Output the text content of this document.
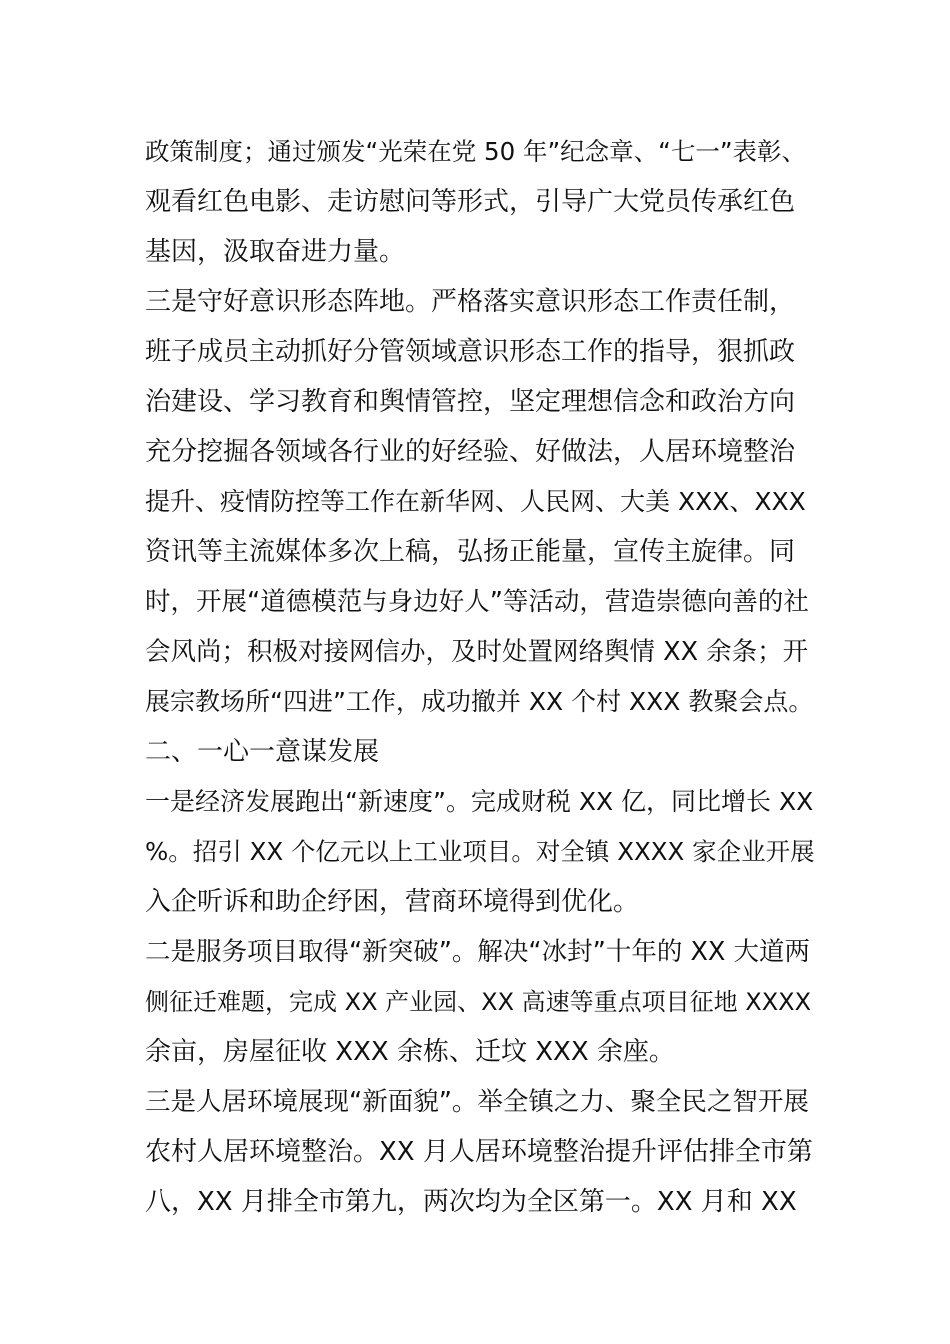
政策制度；通过颁发“光荣在党 50 年”纪念章、“七一”表彰、
观看红色电影、走访慰问等形式，引导广大党员传承红色
基因，汲取奋进力量。
三是守好意识形态阵地。严格落实意识形态工作责任制，
班子成员主动抓好分管领域意识形态工作的指导，狠抓政
治建设、学习教育和舆情管控，坚定理想信念和政治方向
充分挖掘各领域各行业的好经验、好做法，人居环境整治
提升、疫情防控等工作在新华网、人民网、大美 XXX、XXX
资讯等主流媒体多次上稿，弘扬正能量，宣传主旋律。同
时，开展“道德模范与身边好人”等活动，营造崇德向善的社
会风尚；积极对接网信办，及时处置网络舆情 XX 余条；开
展宗教场所“四进”工作，成功撤并 XX 个村 XXX 教聚会点。
二、一心一意谋发展
一是经济发展跑出“新速度”。完成财税 XX 亿，同比增长 XX
%。招引 XX 个亿元以上工业项目。对全镇 XXXX 家企业开展
入企听诉和助企纾困，营商环境得到优化。
二是服务项目取得“新突破”。解决“冰封”十年的 XX 大道两
侧征迁难题，完成 XX 产业园、XX 高速等重点项目征地 XXXX
余亩，房屋征收 XXX 余栋、迁坟 XXX 余座。
三是人居环境展现“新面貌”。举全镇之力、聚全民之智开展
农村人居环境整治。XX 月人居环境整治提升评估排全市第
八，XX 月排全市第九，两次均为全区第一。XX 月和 XX
